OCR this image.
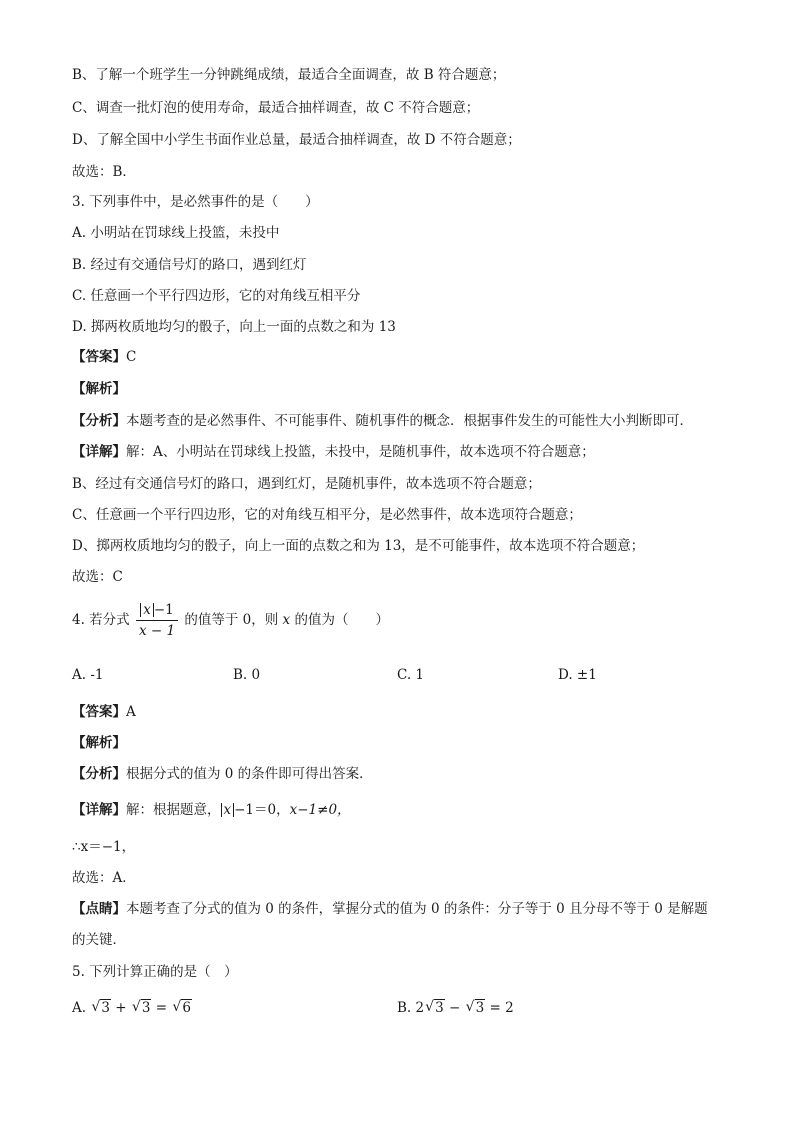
B、了解一个班学生一分钟跳绳成绩，最适合全面调查，故 B 符合题意；
C、调查一批灯泡的使用寿命，最适合抽样调查，故 C 不符合题意；
D、了解全国中小学生书面作业总量，最适合抽样调查，故 D 不符合题意；
故选：B．
3. 下列事件中，是必然事件的是（　　）
A. 小明站在罚球线上投篮，未投中
B. 经过有交通信号灯的路口，遇到红灯
C. 任意画一个平行四边形，它的对角线互相平分
D. 掷两枚质地均匀的骰子，向上一面的点数之和为 13
【答案】C
【解析】
【分析】本题考查的是必然事件、不可能事件、随机事件的概念．根据事件发生的可能性大小判断即可．
【详解】解：A、小明站在罚球线上投篮，未投中，是随机事件，故本选项不符合题意；
B、经过有交通信号灯的路口，遇到红灯，是随机事件，故本选项不符合题意；
C、任意画一个平行四边形，它的对角线互相平分，是必然事件，故本选项符合题意；
D、掷两枚质地均匀的骰子，向上一面的点数之和为 13，是不可能事件，故本选项不符合题意；
故选：C
4. 若分式 $\frac{x -1}{x - 1}$ 的值等于 0，则 x 的值为（　　）
A. -1	B. 0	C. 1	D. ±1
【答案】A
【解析】
【分析】根据分式的值为 0 的条件即可得出答案．
【详解】解：根据题意， x −1＝0，x−1≠0，
∴x＝−1，
故选：A．
【点睛】本题考查了分式的值为 0 的条件，掌握分式的值为 0 的条件：分子等于 0 且分母不等于 0 是解题
的关键．
5. 下列计算正确的是（　）
A. √ 3 + √ 3 = √ 6	B. 2√ 3 − √ 3 = 2
